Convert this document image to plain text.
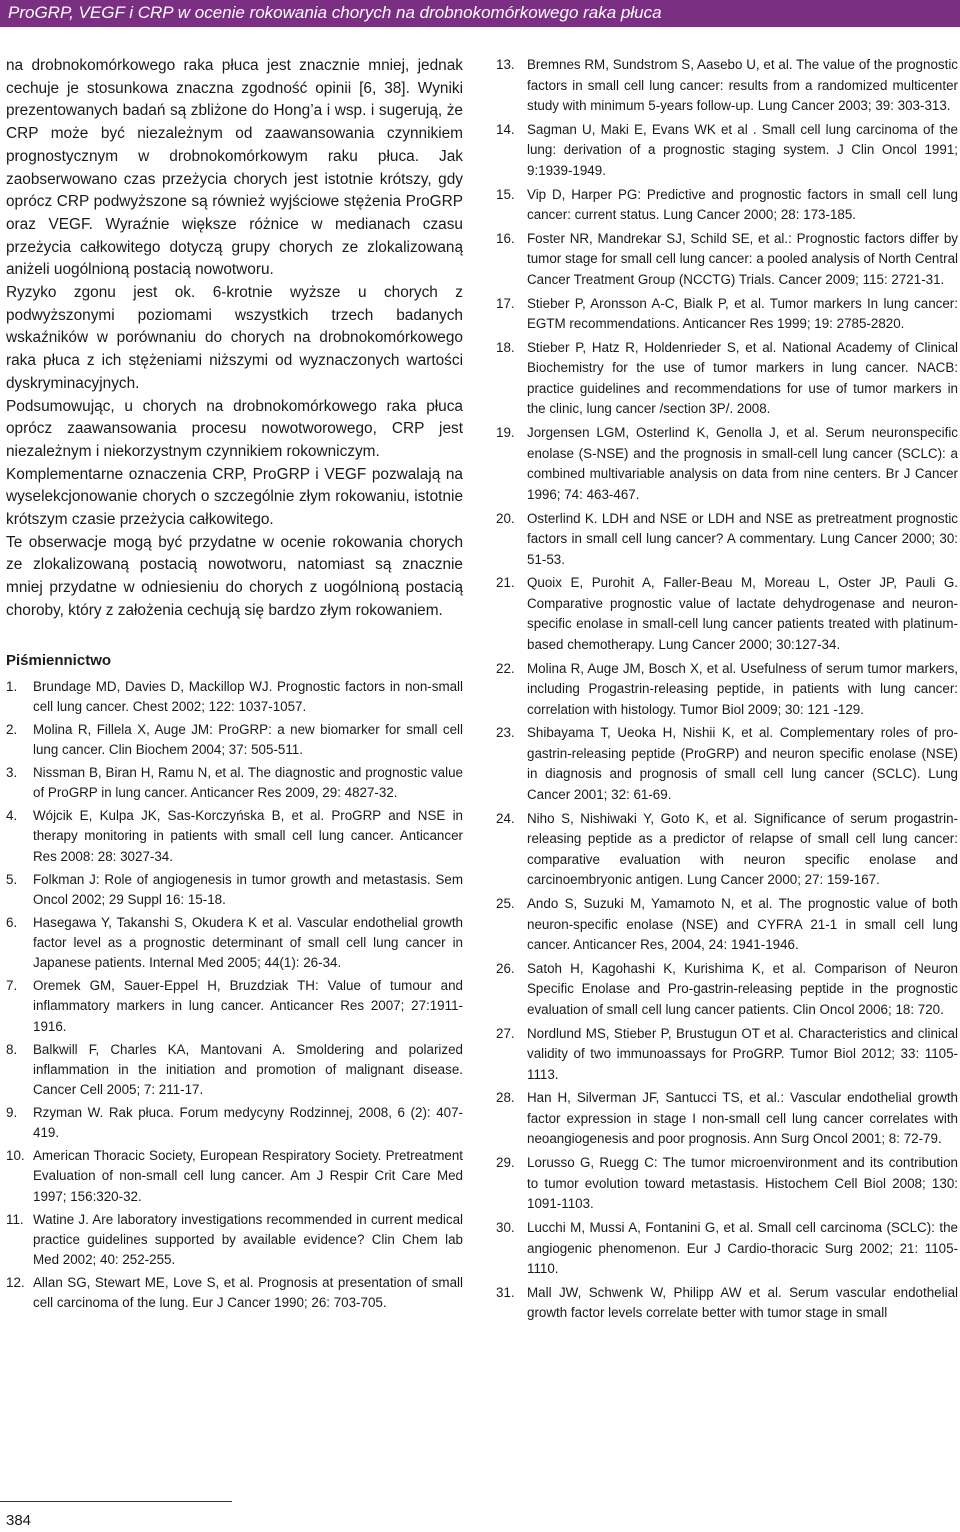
ProGRP, VEGF i CRP w ocenie rokowania chorych na drobnokomórkowego raka płuca

na drobnokomórkowego raka płuca jest znacznie mniej, jednak cechuje je stosunkowa znaczna zgodność opinii [6, 38]. Wyniki prezentowanych badań są zbliżone do Hong’a i wsp. i sugerują, że CRP może być niezależnym od zaawansowania czynnikiem prognostycznym w drobnokomórkowym raku płuca. Jak zaobserwowano czas przeżycia chorych jest istotnie krótszy, gdy oprócz CRP podwyższone są również wyjściowe stężenia ProGRP oraz VEGF. Wyraźnie większe różnice w medianach czasu przeżycia całkowitego dotyczą grupy chorych ze zlokalizowaną aniżeli uogólnioną postacią nowotworu.

Ryzyko zgonu jest ok. 6-krotnie wyższe u chorych z podwyższonymi poziomami wszystkich trzech badanych wskaźników w porównaniu do chorych na drobnokomórkowego raka płuca z ich stężeniami niższymi od wyznaczonych wartości dyskryminacyjnych.

Podsumowując, u chorych na drobnokomórkowego raka płuca oprócz zaawansowania procesu nowotworowego, CRP jest niezależnym i niekorzystnym czynnikiem rokowniczym.

Komplementarne oznaczenia CRP, ProGRP i VEGF pozwalają na wyselekcjonowanie chorych o szczególnie złym rokowaniu, istotnie krótszym czasie przeżycia całkowitego.

Te obserwacje mogą być przydatne w ocenie rokowania chorych ze zlokalizowaną postacią nowotworu, natomiast są znacznie mniej przydatne w odniesieniu do chorych z uogólnioną postacią choroby, który z założenia cechują się bardzo złym rokowaniem.

Piśmiennictwo
1. Brundage MD, Davies D, Mackillop WJ. Prognostic factors in non-small cell lung cancer. Chest 2002; 122: 1037-1057.
2. Molina R, Fillela X, Auge JM: ProGRP: a new biomarker for small cell lung cancer. Clin Biochem 2004; 37: 505-511.
3. Nissman B, Biran H, Ramu N, et al. The diagnostic and prognostic value of ProGRP in lung cancer. Anticancer Res 2009, 29: 4827-32.
4. Wójcik E, Kulpa JK, Sas-Korczyńska B, et al. ProGRP and NSE in therapy monitoring in patients with small cell lung cancer. Anticancer Res 2008: 28: 3027-34.
5. Folkman J: Role of angiogenesis in tumor growth and metastasis. Sem Oncol 2002; 29 Suppl 16: 15-18.
6. Hasegawa Y, Takanshi S, Okudera K et al. Vascular endothelial growth factor level as a prognostic determinant of small cell lung cancer in Japanese patients. Internal Med 2005; 44(1): 26-34.
7. Oremek GM, Sauer-Eppel H, Bruzdziak TH: Value of tumour and inflammatory markers in lung cancer. Anticancer Res 2007; 27:1911-1916.
8. Balkwill F, Charles KA, Mantovani A. Smoldering and polarized inflammation in the initiation and promotion of malignant disease. Cancer Cell 2005; 7: 211-17.
9. Rzyman W. Rak płuca. Forum medycyny Rodzinnej, 2008, 6 (2): 407-419.
10. American Thoracic Society, European Respiratory Society. Pretreatment Evaluation of non-small cell lung cancer. Am J Respir Crit Care Med 1997; 156:320-32.
11. Watine J. Are laboratory investigations recommended in current medical practice guidelines supported by available evidence? Clin Chem lab Med 2002; 40: 252-255.
12. Allan SG, Stewart ME, Love S, et al. Prognosis at presentation of small cell carcinoma of the lung. Eur J Cancer 1990; 26: 703-705.
13. Bremnes RM, Sundstrom S, Aasebo U, et al. The value of the prognostic factors in small cell lung cancer: results from a randomized multicenter study with minimum 5-years follow-up. Lung Cancer 2003; 39: 303-313.
14. Sagman U, Maki E, Evans WK et al . Small cell lung carcinoma of the lung: derivation of a prognostic staging system. J Clin Oncol 1991; 9:1939-1949.
15. Vip D, Harper PG: Predictive and prognostic factors in small cell lung cancer: current status. Lung Cancer 2000; 28: 173-185.
16. Foster NR, Mandrekar SJ, Schild SE, et al.: Prognostic factors differ by tumor stage for small cell lung cancer: a pooled analysis of North Central Cancer Treatment Group (NCCTG) Trials. Cancer 2009; 115: 2721-31.
17. Stieber P, Aronsson A-C, Bialk P, et al. Tumor markers In lung cancer: EGTM recommendations. Anticancer Res 1999; 19: 2785-2820.
18. Stieber P, Hatz R, Holdenrieder S, et al. National Academy of Clinical Biochemistry for the use of tumor markers in lung cancer. NACB: practice guidelines and recommendations for use of tumor markers in the clinic, lung cancer /section 3P/. 2008.
19. Jorgensen LGM, Osterlind K, Genolla J, et al. Serum neuronspecific enolase (S-NSE) and the prognosis in small-cell lung cancer (SCLC): a combined multivariable analysis on data from nine centers. Br J Cancer 1996; 74: 463-467.
20. Osterlind K. LDH and NSE or LDH and NSE as pretreatment prognostic factors in small cell lung cancer? A commentary. Lung Cancer 2000; 30: 51-53.
21. Quoix E, Purohit A, Faller-Beau M, Moreau L, Oster JP, Pauli G. Comparative prognostic value of lactate dehydrogenase and neuron-specific enolase in small-cell lung cancer patients treated with platinum-based chemotherapy. Lung Cancer 2000; 30:127-34.
22. Molina R, Auge JM, Bosch X, et al. Usefulness of serum tumor markers, including Progastrin-releasing peptide, in patients with lung cancer: correlation with histology. Tumor Biol 2009; 30: 121 -129.
23. Shibayama T, Ueoka H, Nishii K, et al. Complementary roles of pro-gastrin-releasing peptide (ProGRP) and neuron specific enolase (NSE) in diagnosis and prognosis of small cell lung cancer (SCLC). Lung Cancer 2001; 32: 61-69.
24. Niho S, Nishiwaki Y, Goto K, et al. Significance of serum progastrin-releasing peptide as a predictor of relapse of small cell lung cancer: comparative evaluation with neuron specific enolase and carcinoembryonic antigen. Lung Cancer 2000; 27: 159-167.
25. Ando S, Suzuki M, Yamamoto N, et al. The prognostic value of both neuron-specific enolase (NSE) and CYFRA 21-1 in small cell lung cancer. Anticancer Res, 2004, 24: 1941-1946.
26. Satoh H, Kagohashi K, Kurishima K, et al. Comparison of Neuron Specific Enolase and Pro-gastrin-releasing peptide in the prognostic evaluation of small cell lung cancer patients. Clin Oncol 2006; 18: 720.
27. Nordlund MS, Stieber P, Brustugun OT et al. Characteristics and clinical validity of two immunoassays for ProGRP. Tumor Biol 2012; 33: 1105-1113.
28. Han H, Silverman JF, Santucci TS, et al.: Vascular endothelial growth factor expression in stage I non-small cell lung cancer correlates with neoangiogenesis and poor prognosis. Ann Surg Oncol 2001; 8: 72-79.
29. Lorusso G, Ruegg C: The tumor microenvironment and its contribution to tumor evolution toward metastasis. Histochem Cell Biol 2008; 130: 1091-1103.
30. Lucchi M, Mussi A, Fontanini G, et al. Small cell carcinoma (SCLC): the angiogenic phenomenon. Eur J Cardio-thoracic Surg 2002; 21: 1105-1110.
31. Mall JW, Schwenk W, Philipp AW et al. Serum vascular endothelial growth factor levels correlate better with tumor stage in small
384
